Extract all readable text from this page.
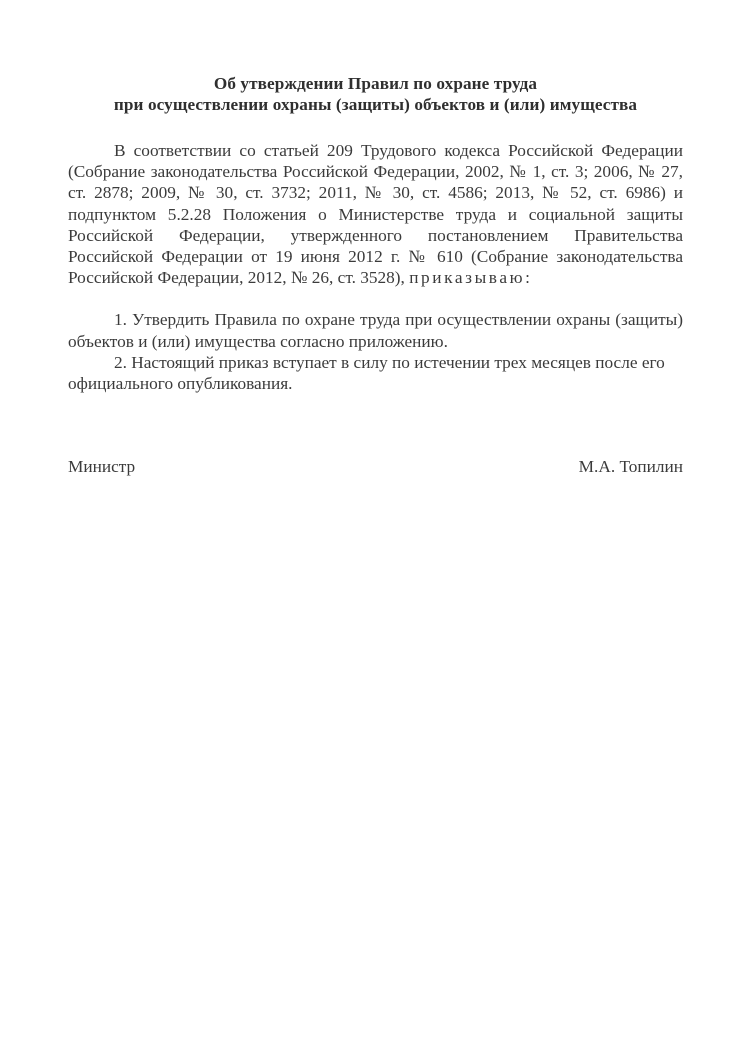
Об утверждении Правил по охране труда
при осуществлении охраны (защиты) объектов и (или) имущества

В соответствии со статьей 209 Трудового кодекса Российской Федерации (Собрание законодательства Российской Федерации, 2002, № 1, ст. 3; 2006, № 27, ст. 2878; 2009, № 30, ст. 3732; 2011, № 30, ст. 4586; 2013, № 52, ст. 6986) и подпунктом 5.2.28 Положения о Министерстве труда и социальной защиты Российской Федерации, утвержденного постановлением Правительства Российской Федерации от 19 июня 2012 г. № 610 (Собрание законодательства Российской Федерации, 2012, № 26, ст. 3528), приказываю:

1. Утвердить Правила по охране труда при осуществлении охраны (защиты) объектов и (или) имущества согласно приложению.

2. Настоящий приказ вступает в силу по истечении трех месяцев после его официального опубликования.

Министр	М.А. Топилин
